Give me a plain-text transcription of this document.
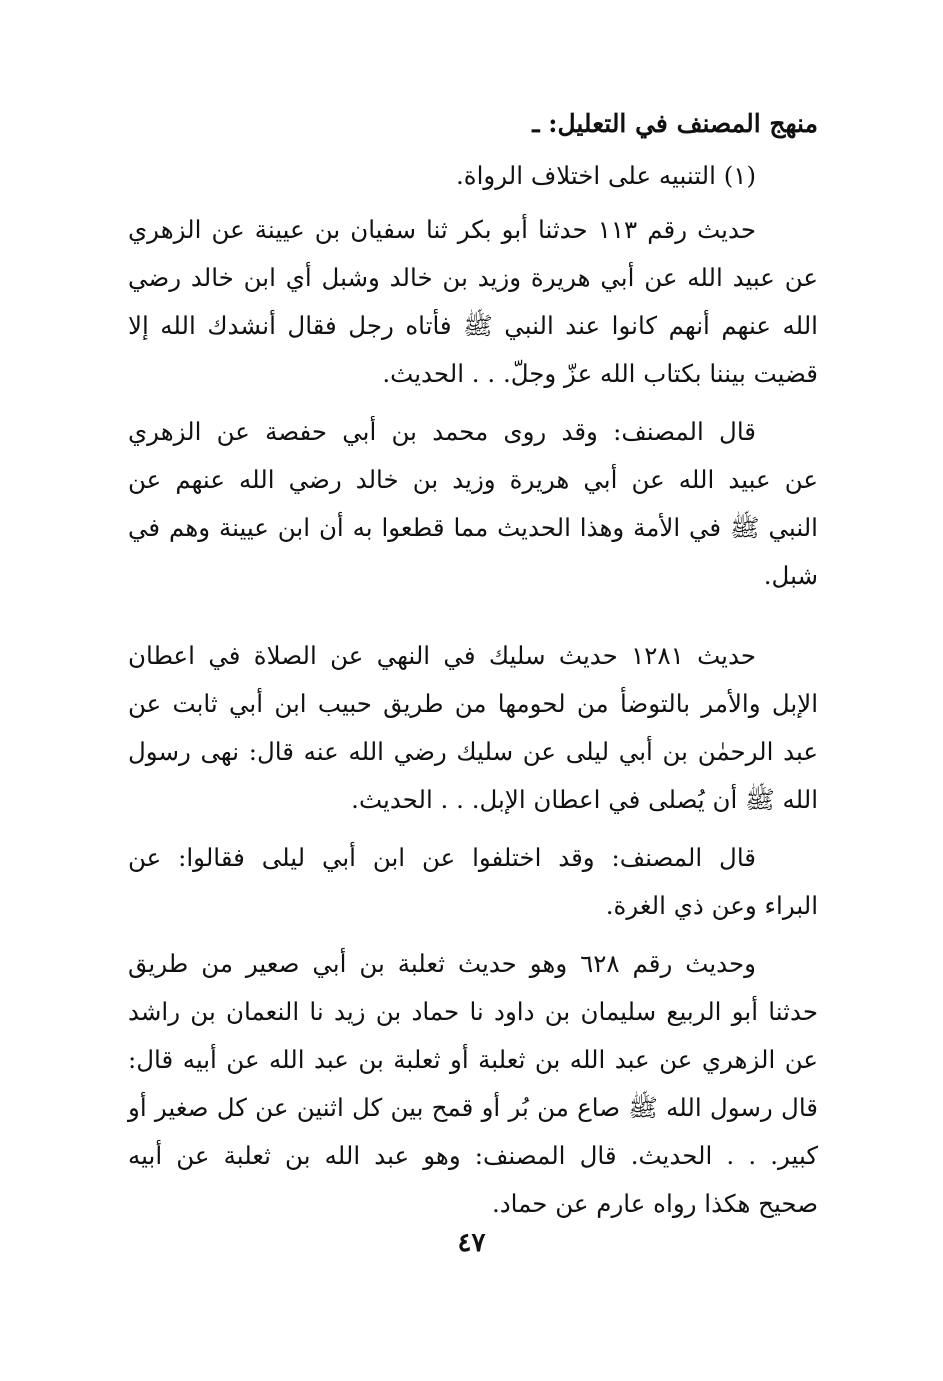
منهج المصنف في التعليل: ـ
(١) التنبيه على اختلاف الرواة.
حديث رقم ١١٣ حدثنا أبو بكر ثنا سفيان بن عيينة عن الزهري
عن عبيد الله عن أبي هريرة وزيد بن خالد وشبل أي ابن خالد رضي
الله عنهم أنهم كانوا عند النبي ﷺ فأتاه رجل فقال أنشدك الله إلا
قضيت بيننا بكتاب الله عزّ وجلّ. . . الحديث.
قال المصنف: وقد روى محمد بن أبي حفصة عن الزهري
عن عبيد الله عن أبي هريرة وزيد بن خالد رضي الله عنهم عن
النبي ﷺ في الأمة وهذا الحديث مما قطعوا به أن ابن عيينة وهم في
شبل.
حديث ١٢٨١ حديث سليك في النهي عن الصلاة في اعطان
الإبل والأمر بالتوضأ من لحومها من طريق حبيب ابن أبي ثابت عن
عبد الرحمٰن بن أبي ليلى عن سليك رضي الله عنه قال: نهى رسول
الله ﷺ أن يُصلى في اعطان الإبل. . . الحديث.
قال المصنف: وقد اختلفوا عن ابن أبي ليلى فقالوا: عن
البراء وعن ذي الغرة.
وحديث رقم ٦٢٨ وهو حديث ثعلبة بن أبي صعير من طريق
حدثنا أبو الربيع سليمان بن داود نا حماد بن زيد نا النعمان بن راشد
عن الزهري عن عبد الله بن ثعلبة أو ثعلبة بن عبد الله عن أبيه قال:
قال رسول الله ﷺ صاع من بُر أو قمح بين كل اثنين عن كل صغير أو
كبير. . . الحديث. قال المصنف: وهو عبد الله بن ثعلبة عن أبيه
صحيح هكذا رواه عارم عن حماد.
٤٧
